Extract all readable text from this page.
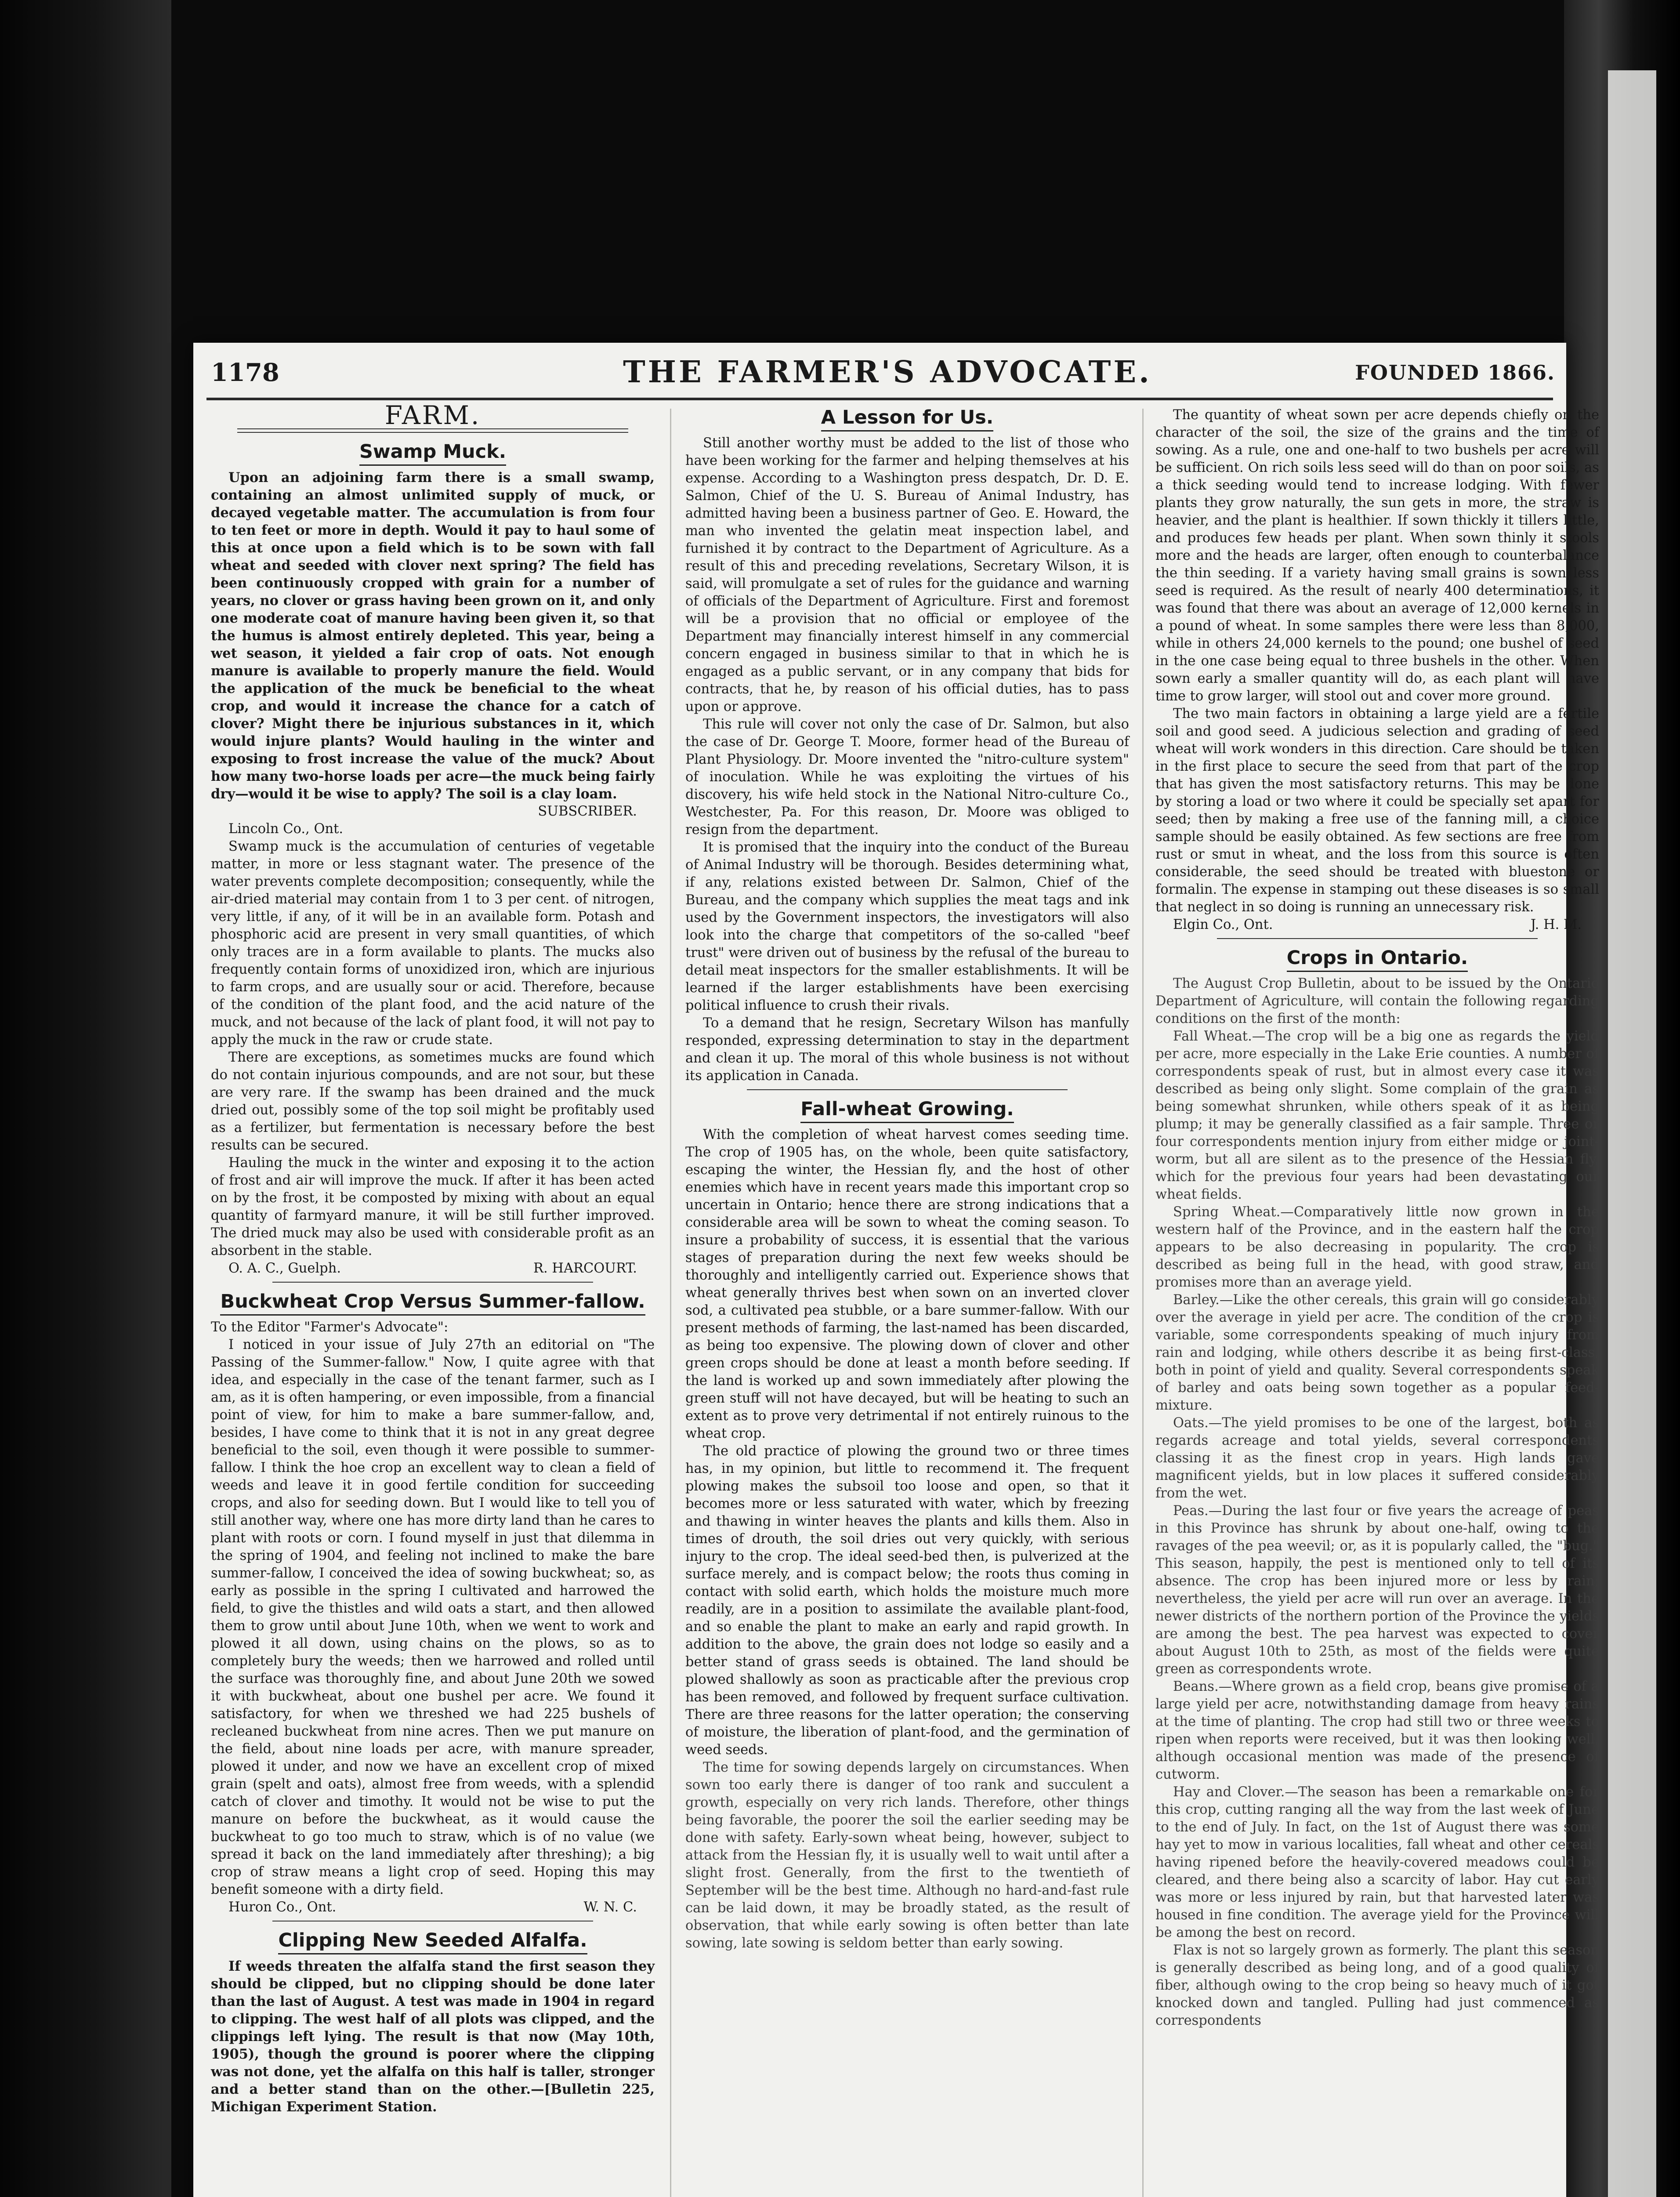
1178	THE FARMER'S ADVOCATE.	FOUNDED 1866.
FARM.
Swamp Muck.

Upon an adjoining farm there is a small swamp, containing an almost unlimited supply of muck, or decayed vegetable matter. The accumulation is from four to ten feet or more in depth. Would it pay to haul some of this at once upon a field which is to be sown with fall wheat and seeded with clover next spring? The field has been continuously cropped with grain for a number of years, no clover or grass having been grown on it, and only one moderate coat of manure having been given it, so that the humus is almost entirely depleted. This year, being a wet season, it yielded a fair crop of oats. Not enough manure is available to properly manure the field. Would the application of the muck be beneficial to the wheat crop, and would it increase the chance for a catch of clover? Might there be injurious substances in it, which would injure plants? Would hauling in the winter and exposing to frost increase the value of the muck? About how many two-horse loads per acre—the muck being fairly dry—would it be wise to apply? The soil is a clay loam.

SUBSCRIBER.

Lincoln Co., Ont.

Swamp muck is the accumulation of centuries of vegetable matter, in more or less stagnant water. The presence of the water prevents complete decomposition; consequently, while the air-dried material may contain from 1 to 3 per cent. of nitrogen, very little, if any, of it will be in an available form. Potash and phosphoric acid are present in very small quantities, of which only traces are in a form available to plants. The mucks also frequently contain forms of unoxidized iron, which are injurious to farm crops, and are usually sour or acid. Therefore, because of the condition of the plant food, and the acid nature of the muck, and not because of the lack of plant food, it will not pay to apply the muck in the raw or crude state.

There are exceptions, as sometimes mucks are found which do not contain injurious compounds, and are not sour, but these are very rare. If the swamp has been drained and the muck dried out, possibly some of the top soil might be profitably used as a fertilizer, but fermentation is necessary before the best results can be secured.

Hauling the muck in the winter and exposing it to the action of frost and air will improve the muck. If after it has been acted on by the frost, it be composted by mixing with about an equal quantity of farmyard manure, it will be still further improved. The dried muck may also be used with considerable profit as an absorbent in the stable.

O. A. C., Guelph.	R. HARCOURT.
Buckwheat Crop Versus Summer-fallow.

To the Editor "Farmer's Advocate":

I noticed in your issue of July 27th an editorial on "The Passing of the Summer-fallow." Now, I quite agree with that idea, and especially in the case of the tenant farmer, such as I am, as it is often hampering, or even impossible, from a financial point of view, for him to make a bare summer-fallow, and, besides, I have come to think that it is not in any great degree beneficial to the soil, even though it were possible to summer-fallow. I think the hoe crop an excellent way to clean a field of weeds and leave it in good fertile condition for succeeding crops, and also for seeding down. But I would like to tell you of still another way, where one has more dirty land than he cares to plant with roots or corn. I found myself in just that dilemma in the spring of 1904, and feeling not inclined to make the bare summer-fallow, I conceived the idea of sowing buckwheat; so, as early as possible in the spring I cultivated and harrowed the field, to give the thistles and wild oats a start, and then allowed them to grow until about June 10th, when we went to work and plowed it all down, using chains on the plows, so as to completely bury the weeds; then we harrowed and rolled until the surface was thoroughly fine, and about June 20th we sowed it with buckwheat, about one bushel per acre. We found it satisfactory, for when we threshed we had 225 bushels of recleaned buckwheat from nine acres. Then we put manure on the field, about nine loads per acre, with manure spreader, plowed it under, and now we have an excellent crop of mixed grain (spelt and oats), almost free from weeds, with a splendid catch of clover and timothy. It would not be wise to put the manure on before the buckwheat, as it would cause the buckwheat to go too much to straw, which is of no value (we spread it back on the land immediately after threshing); a big crop of straw means a light crop of seed. Hoping this may benefit someone with a dirty field.

Huron Co., Ont.	W. N. C.
Clipping New Seeded Alfalfa.

If weeds threaten the alfalfa stand the first season they should be clipped, but no clipping should be done later than the last of August. A test was made in 1904 in regard to clipping. The west half of all plots was clipped, and the clippings left lying. The result is that now (May 10th, 1905), though the ground is poorer where the clipping was not done, yet the alfalfa on this half is taller, stronger and a better stand than on the other.—[Bulletin 225, Michigan Experiment Station.

A Lesson for Us.

Still another worthy must be added to the list of those who have been working for the farmer and helping themselves at his expense. According to a Washington press despatch, Dr. D. E. Salmon, Chief of the U. S. Bureau of Animal Industry, has admitted having been a business partner of Geo. E. Howard, the man who invented the gelatin meat inspection label, and furnished it by contract to the Department of Agriculture. As a result of this and preceding revelations, Secretary Wilson, it is said, will promulgate a set of rules for the guidance and warning of officials of the Department of Agriculture. First and foremost will be a provision that no official or employee of the Department may financially interest himself in any commercial concern engaged in business similar to that in which he is engaged as a public servant, or in any company that bids for contracts, that he, by reason of his official duties, has to pass upon or approve.

This rule will cover not only the case of Dr. Salmon, but also the case of Dr. George T. Moore, former head of the Bureau of Plant Physiology. Dr. Moore invented the "nitro-culture system" of inoculation. While he was exploiting the virtues of his discovery, his wife held stock in the National Nitro-culture Co., Westchester, Pa. For this reason, Dr. Moore was obliged to resign from the department.

It is promised that the inquiry into the conduct of the Bureau of Animal Industry will be thorough. Besides determining what, if any, relations existed between Dr. Salmon, Chief of the Bureau, and the company which supplies the meat tags and ink used by the Government inspectors, the investigators will also look into the charge that competitors of the so-called "beef trust" were driven out of business by the refusal of the bureau to detail meat inspectors for the smaller establishments. It will be learned if the larger establishments have been exercising political influence to crush their rivals.

To a demand that he resign, Secretary Wilson has manfully responded, expressing determination to stay in the department and clean it up. The moral of this whole business is not without its application in Canada.

Fall-wheat Growing.

With the completion of wheat harvest comes seeding time. The crop of 1905 has, on the whole, been quite satisfactory, escaping the winter, the Hessian fly, and the host of other enemies which have in recent years made this important crop so uncertain in Ontario; hence there are strong indications that a considerable area will be sown to wheat the coming season. To insure a probability of success, it is essential that the various stages of preparation during the next few weeks should be thoroughly and intelligently carried out. Experience shows that wheat generally thrives best when sown on an inverted clover sod, a cultivated pea stubble, or a bare summer-fallow. With our present methods of farming, the last-named has been discarded, as being too expensive. The plowing down of clover and other green crops should be done at least a month before seeding. If the land is worked up and sown immediately after plowing the green stuff will not have decayed, but will be heating to such an extent as to prove very detrimental if not entirely ruinous to the wheat crop.

The old practice of plowing the ground two or three times has, in my opinion, but little to recommend it. The frequent plowing makes the subsoil too loose and open, so that it becomes more or less saturated with water, which by freezing and thawing in winter heaves the plants and kills them. Also in times of drouth, the soil dries out very quickly, with serious injury to the crop. The ideal seed-bed then, is pulverized at the surface merely, and is compact below; the roots thus coming in contact with solid earth, which holds the moisture much more readily, are in a position to assimilate the available plant-food, and so enable the plant to make an early and rapid growth. In addition to the above, the grain does not lodge so easily and a better stand of grass seeds is obtained. The land should be plowed shallowly as soon as practicable after the previous crop has been removed, and followed by frequent surface cultivation. There are three reasons for the latter operation; the conserving of moisture, the liberation of plant-food, and the germination of weed seeds.

The time for sowing depends largely on circumstances. When sown too early there is danger of too rank and succulent a growth, especially on very rich lands. Therefore, other things being favorable, the poorer the soil the earlier seeding may be done with safety. Early-sown wheat being, however, subject to attack from the Hessian fly, it is usually well to wait until after a slight frost. Generally, from the first to the twentieth of September will be the best time. Although no hard-and-fast rule can be laid down, it may be broadly stated, as the result of observation, that while early sowing is often better than late sowing, late sowing is seldom better than early sowing.

The quantity of wheat sown per acre depends chiefly on the character of the soil, the size of the grains and the time of sowing. As a rule, one and one-half to two bushels per acre will be sufficient. On rich soils less seed will do than on poor soils, as a thick seeding would tend to increase lodging. With fewer plants they grow naturally, the sun gets in more, the straw is heavier, and the plant is healthier. If sown thickly it tillers little, and produces few heads per plant. When sown thinly it stools more and the heads are larger, often enough to counterbalance the thin seeding. If a variety having small grains is sown less seed is required. As the result of nearly 400 determinations, it was found that there was about an average of 12,000 kernels in a pound of wheat. In some samples there were less than 8,000, while in others 24,000 kernels to the pound; one bushel of seed in the one case being equal to three bushels in the other. When sown early a smaller quantity will do, as each plant will have time to grow larger, will stool out and cover more ground.

The two main factors in obtaining a large yield are a fertile soil and good seed. A judicious selection and grading of seed wheat will work wonders in this direction. Care should be taken in the first place to secure the seed from that part of the crop that has given the most satisfactory returns. This may be done by storing a load or two where it could be specially set apart for seed; then by making a free use of the fanning mill, a choice sample should be easily obtained. As few sections are free from rust or smut in wheat, and the loss from this source is often considerable, the seed should be treated with bluestone or formalin. The expense in stamping out these diseases is so small that neglect in so doing is running an unnecessary risk.

Elgin Co., Ont.	J. H. M.
Crops in Ontario.

The August Crop Bulletin, about to be issued by the Ontario Department of Agriculture, will contain the following regarding conditions on the first of the month:

Fall Wheat.—The crop will be a big one as regards the yield per acre, more especially in the Lake Erie counties. A number of correspondents speak of rust, but in almost every case it was described as being only slight. Some complain of the grain as being somewhat shrunken, while others speak of it as being plump; it may be generally classified as a fair sample. Three or four correspondents mention injury from either midge or joint-worm, but all are silent as to the presence of the Hessian fly, which for the previous four years had been devastating our wheat fields.

Spring Wheat.—Comparatively little now grown in the western half of the Province, and in the eastern half the crop appears to be also decreasing in popularity. The crop is described as being full in the head, with good straw, and promises more than an average yield.

Barley.—Like the other cereals, this grain will go considerably over the average in yield per acre. The condition of the crop is variable, some correspondents speaking of much injury from rain and lodging, while others describe it as being first-class, both in point of yield and quality. Several correspondents speak of barley and oats being sown together as a popular feed-mixture.

Oats.—The yield promises to be one of the largest, both as regards acreage and total yields, several correspondents classing it as the finest crop in years. High lands gave magnificent yields, but in low places it suffered considerably from the wet.

Peas.—During the last four or five years the acreage of peas in this Province has shrunk by about one-half, owing to the ravages of the pea weevil; or, as it is popularly called, the "bug." This season, happily, the pest is mentioned only to tell of its absence. The crop has been injured more or less by rain; nevertheless, the yield per acre will run over an average. In the newer districts of the northern portion of the Province the yields are among the best. The pea harvest was expected to cover about August 10th to 25th, as most of the fields were quite green as correspondents wrote.

Beans.—Where grown as a field crop, beans give promise of a large yield per acre, notwithstanding damage from heavy rains at the time of planting. The crop had still two or three weeks to ripen when reports were received, but it was then looking well, although occasional mention was made of the presence of cutworm.

Hay and Clover.—The season has been a remarkable one for this crop, cutting ranging all the way from the last week of June to the end of July. In fact, on the 1st of August there was some hay yet to mow in various localities, fall wheat and other cereals having ripened before the heavily-covered meadows could be cleared, and there being also a scarcity of labor. Hay cut early was more or less injured by rain, but that harvested later was housed in fine condition. The average yield for the Province will be among the best on record.

Flax is not so largely grown as formerly. The plant this season is generally described as being long, and of a good quality of fiber, although owing to the crop being so heavy much of it got knocked down and tangled. Pulling had just commenced as correspondents
